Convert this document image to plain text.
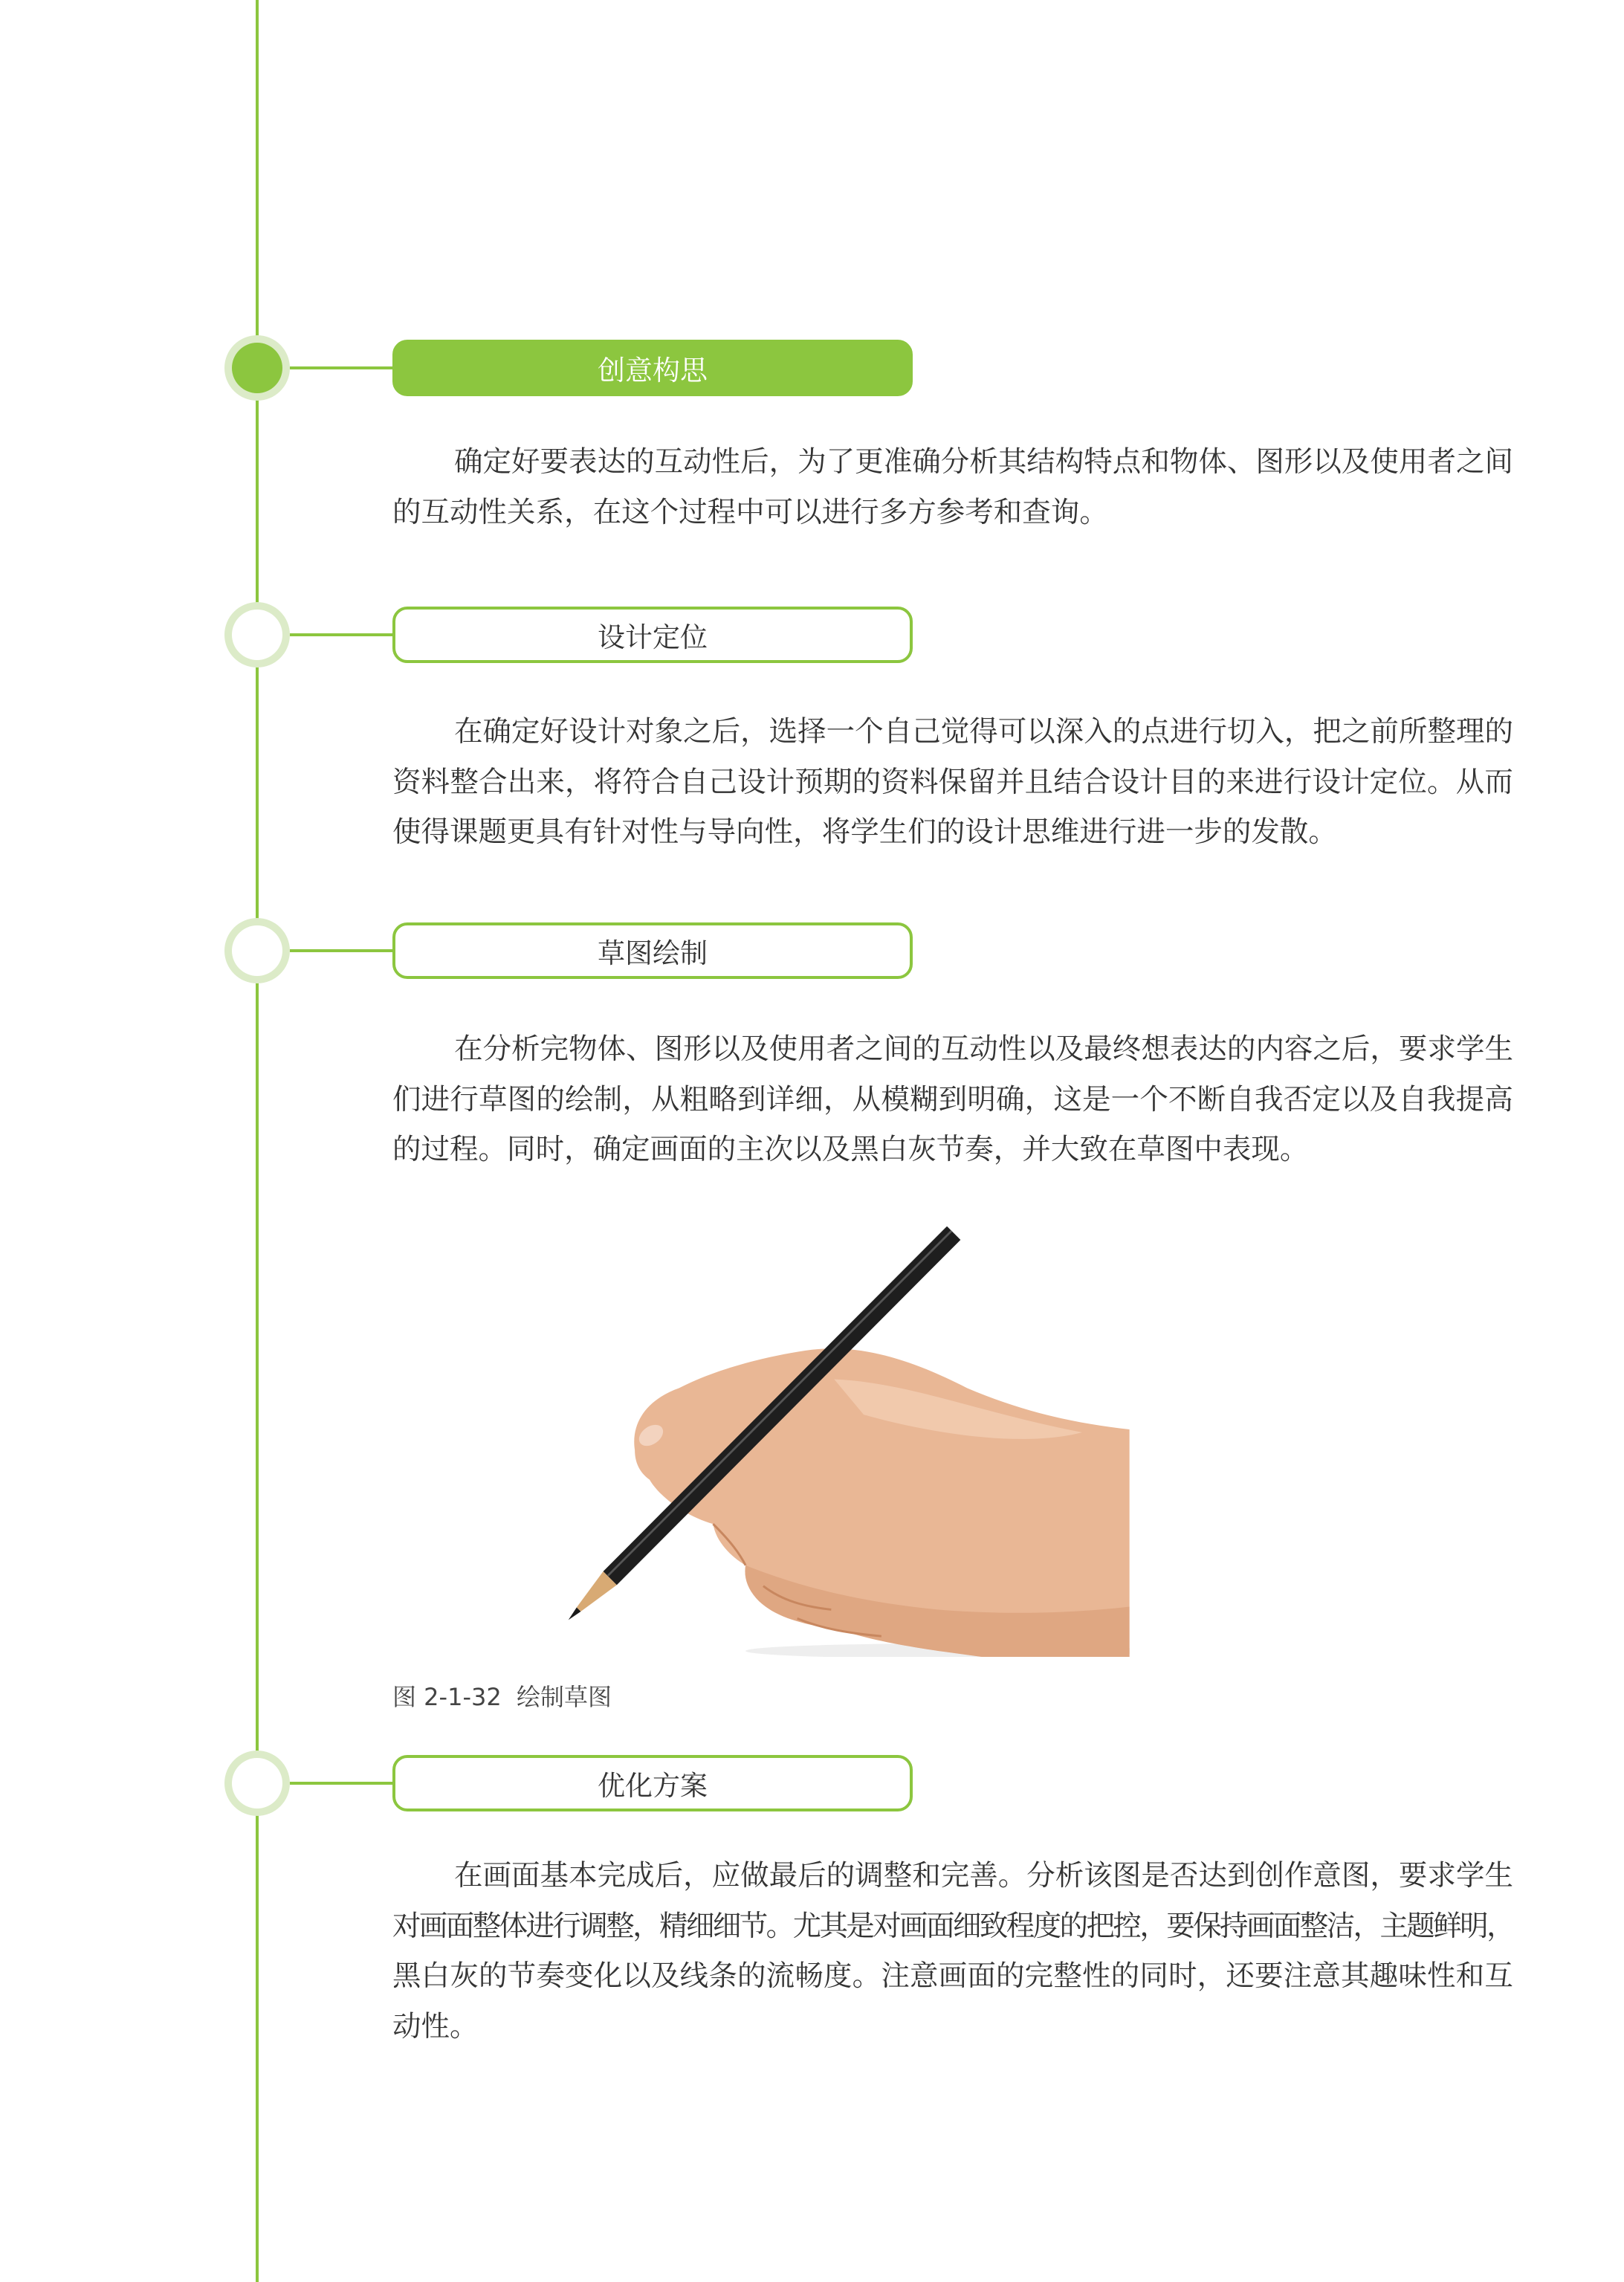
创意构思
确定好要表达的互动性后，为了更准确分析其结构特点和物体、图形以及使用者之间
的互动性关系，在这个过程中可以进行多方参考和查询。
设计定位
在确定好设计对象之后，选择一个自己觉得可以深入的点进行切入，把之前所整理的
资料整合出来，将符合自己设计预期的资料保留并且结合设计目的来进行设计定位。从而
使得课题更具有针对性与导向性，将学生们的设计思维进行进一步的发散。
草图绘制
在分析完物体、图形以及使用者之间的互动性以及最终想表达的内容之后，要求学生
们进行草图的绘制，从粗略到详细，从模糊到明确，这是一个不断自我否定以及自我提高
的过程。同时，确定画面的主次以及黑白灰节奏，并大致在草图中表现。
图 2-1-32  绘制草图
优化方案
在画面基本完成后，应做最后的调整和完善。分析该图是否达到创作意图，要求学生
对画面整体进行调整，精细细节。尤其是对画面细致程度的把控，要保持画面整洁，主题鲜明，
黑白灰的节奏变化以及线条的流畅度。注意画面的完整性的同时，还要注意其趣味性和互
动性。
